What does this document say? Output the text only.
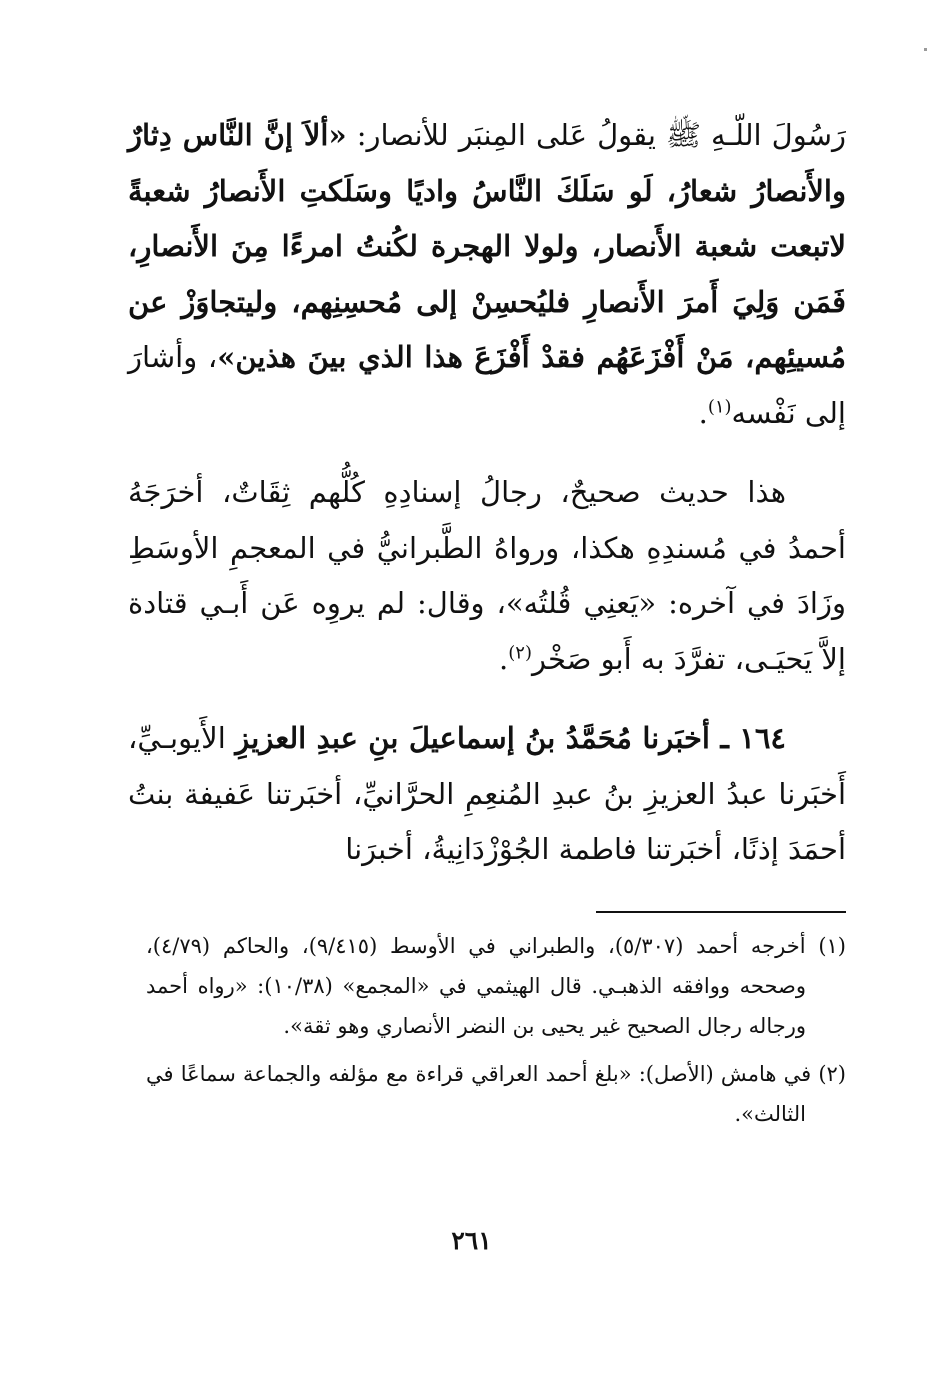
رَسُولَ اللّـهِ ﷺ يقولُ عَلى المِنبَر للأنصار: «ألاَ إنَّ النَّاس دِثارٌ والأَنصارُ شعارُ، لَو سَلَكَ النَّاسُ واديًا وسَلَكتِ الأَنصارُ شعبةً لاتبعت شعبة الأَنصار، ولولا الهجرة لكُنتُ امرءًا مِنَ الأَنصارِ، فَمَن وَلِيَ أَمرَ الأَنصارِ فليُحسِنْ إلى مُحسِنِهم، وليتجاوَزْ عن مُسيئِهم، مَنْ أَفْزَعَهُم فقدْ أَفْزَعَ هذا الذي بينَ هذين»، وأشارَ إلى نَفْسه$^{(١)}$.

هذا حديث صحيحٌ، رجالُ إسنادِهِ كُلُّهم ثِقَاتٌ، أخرَجَهُ أحمدُ في مُسندِهِ هكذا، ورواهُ الطَّبرانيُّ في المعجمِ الأوسَطِ وزَادَ في آخره: «يَعنِي قُلتُه»، وقال: لم يروِه عَن أَبـي قتادة إلاَّ يَحيَـى، تفرَّدَ به أَبو صَخْر$^{(٢)}$.

١٦٤ ـ أخبَرنا مُحَمَّدُ بنُ إسماعيلَ بنِ عبدِ العزيزِ الأَيوبـيِّ، أَخبَرنا عبدُ العزيزِ بنُ عبدِ المُنعِمِ الحرَّانيِّ، أخبَرتنا عَفيفة بنتُ أحمَدَ إذنًا، أخبَرتنا فاطمة الجُوْزْدَانِيةُ، أخبرَنا

(١) أخرجه أحمد (٥/٣٠٧)، والطبراني في الأوسط (٩/٤١٥)، والحاكم (٤/٧٩)، وصححه ووافقه الذهبـي. قال الهيثمي في «المجمع» (١٠/٣٨): «رواه أحمد ورجاله رجال الصحيح غير يحيى بن النضر الأنصاري وهو ثقة».

(٢) في هامش (الأصل): «بلغ أحمد العراقي قراءة مع مؤلفه والجماعة سماعًا في الثالث».

٢٦١
